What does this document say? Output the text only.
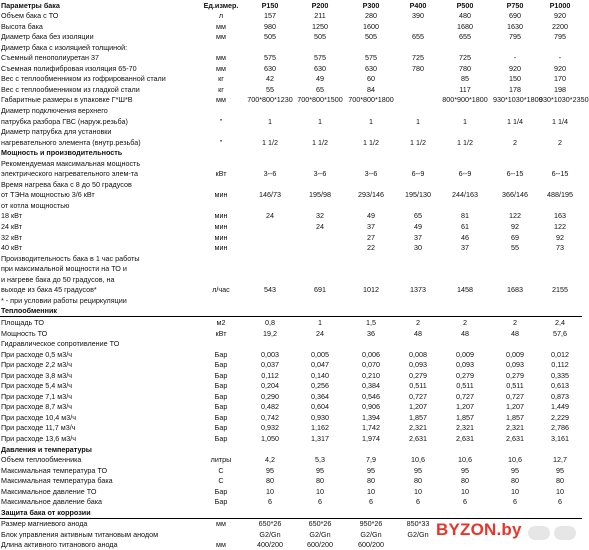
Параметры бака	Ед.измер.	P150	P200	P300	P400	P500	P750	P1000
Объем бака с ТО	л	157	211	280	390	480	690	920
Высота бака	мм	980	1250	1600		1680	1630	2200
Диаметр бака без изоляции	мм	505	505	505	655	655	795	795
Диаметр бака с изоляцией толщиной:								
Съемный пенополиуретан 37	мм	575	575	575	725	725	-	-
Съемная полифибровая изоляция 65-70	мм	630	630	630	780	780	920	920
Вес с теплообменником из гофрированной стали	кг	42	49	60		85	150	170
Вес с теплообменником из гладкой стали	кг	55	65	84		117	178	198
Габаритные размеры в упаковке Г*Ш*В	мм	700*800*1230	700*800*1500	700*800*1800		800*900*1800	930*1030*1800	930*1030*2350
Диаметр подключения верхнего								
патрубка разбора ГВС (наруж.резьба)	"	1	1	1	1	1	1 1/4	1 1/4
Диаметр патрубка для установки								
нагревательного элемента (внутр.резьба)	"	1 1/2	1 1/2	1 1/2	1 1/2	1 1/2	2	2
Мощность и производительность								
Рекомендуемая максимальная мощность								
электрического нагревательного элем-та	кВт	3--6	3--6	3--6	6--9	6--9	6--15	6--15
Время нагрева бака с 8 до 50 градусов								
от ТЭНа мощностью 3/6 кВт	мин	146/73	195/98	293/146	195/130	244/163	366/146	488/195
от котла мощностью								
18 кВт	мин	24	32	49	65	81	122	163
24 кВт	мин		24	37	49	61	92	122
32 кВт	мин			27	37	46	69	92
40 кВт	мин			22	30	37	55	73
Производительность бака в 1 час работы								
при максимальной мощности на ТО и								
и нагреве бака до 50 градусов, на								
выходе из бака 45 градусов*	л/час	543	691	1012	1373	1458	1683	2155
* - при условии работы рециркуляции								
Теплообменник								
Площадь ТО	м2	0,8	1	1,5	2	2	2	2,4
Мощность ТО	кВт	19,2	24	36	48	48	48	57,6
Гидравлическое сопротивление ТО								
При расходе 0,5 м3/ч	Бар	0,003	0,005	0,006	0,008	0,009	0,009	0,012
При расходе 2,2 м3/ч	Бар	0,037	0,047	0,070	0,093	0,093	0,093	0,112
При расходе 3,8 м3/ч	Бар	0,112	0,140	0,210	0,279	0,279	0,279	0,335
При расходе 5,4 м3/ч	Бар	0,204	0,256	0,384	0,511	0,511	0,511	0,613
При расходе 7,1 м3/ч	Бар	0,290	0,364	0,546	0,727	0,727	0,727	0,873
При расходе 8,7 м3/ч	Бар	0,482	0,604	0,906	1,207	1,207	1,207	1,449
При расходе 10,4 м3/ч	Бар	0,742	0,930	1,394	1,857	1,857	1,857	2,229
При расходе 11,7 м3/ч	Бар	0,932	1,162	1,742	2,321	2,321	2,321	2,786
При расходе 13,6 м3/ч	Бар	1,050	1,317	1,974	2,631	2,631	2,631	3,161
Давления и температуры								
Объем теплообменника	литры	4,2	5,3	7,9	10,6	10,6	10,6	12,7
Максимальная температура ТО	С	95	95	95	95	95	95	95
Максимальная температура бака	С	80	80	80	80	80	80	80
Максимальное давление ТО	Бар	10	10	10	10	10	10	10
Максимальное давление бака	Бар	6	6	6	6	6	6	6
Защита бака от коррозии								
Размер магниевого анода	мм	650*26	650*26	950*26	850*33			
Блок управления активным титановым анодом		G2/Gn	G2/Gn	G2/Gn	G2/Gn			
Длина активного титанового анода	мм	400/200	600/200	600/200				
BYZON.by
